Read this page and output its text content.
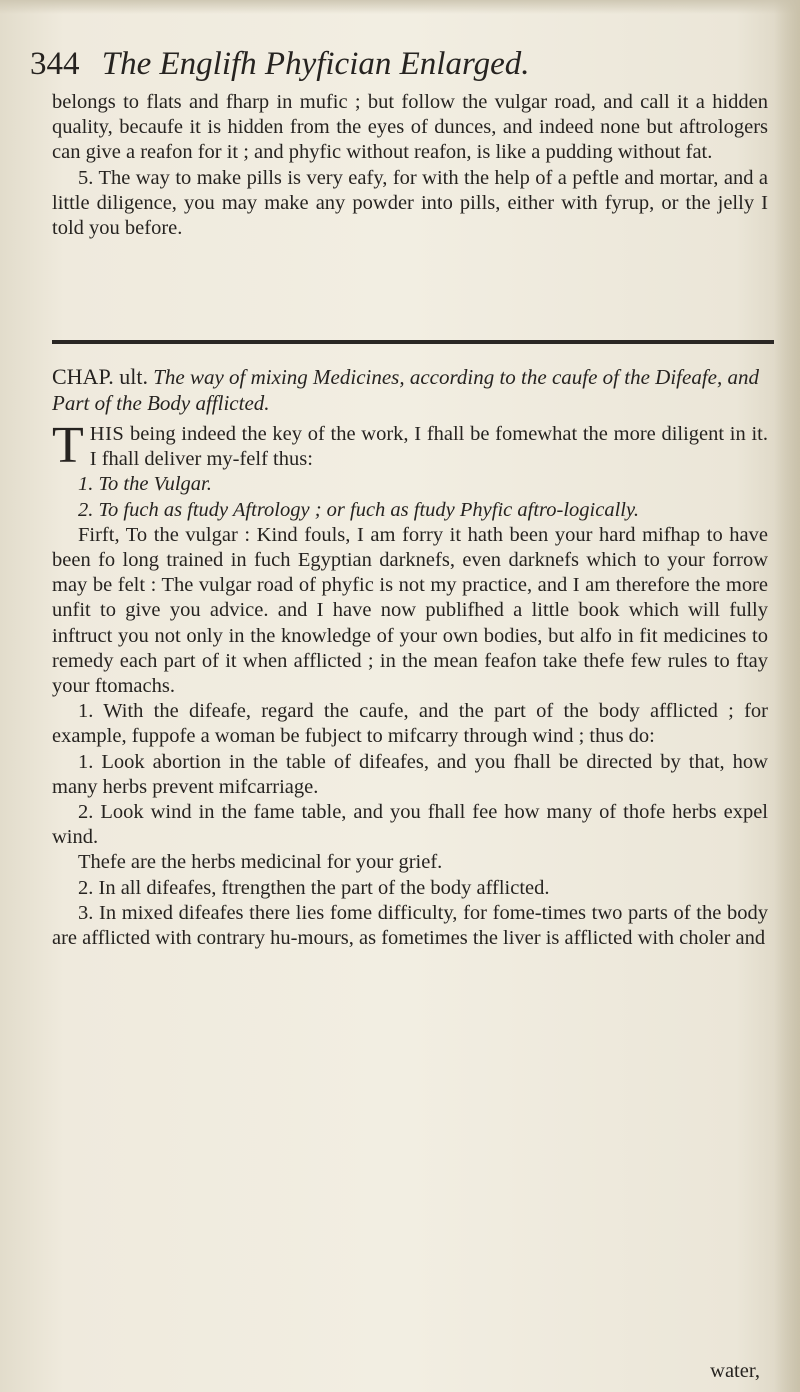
344 The Englifh Phyfician Enlarged.

belongs to flats and fharp in mufic ; but follow the vulgar road, and call it a hidden quality, becaufe it is hidden from the eyes of dunces, and indeed none but aftrologers can give a reafon for it ; and phyfic without reafon, is like a pudding without fat.

5. The way to make pills is very eafy, for with the help of a peftle and mortar, and a little diligence, you may make any powder into pills, either with fyrup, or the jelly I told you before.

CHAP. ult. The way of mixing Medicines, according to the caufe of the Difeafe, and Part of the Body afflicted.

THIS being indeed the key of the work, I fhall be fomewhat the more diligent in it. I fhall deliver my-felf thus:

1. To the Vulgar.

2. To fuch as ftudy Aftrology ; or fuch as ftudy Phyfic aftro-logically.

Firft, To the vulgar : Kind fouls, I am forry it hath been your hard mifhap to have been fo long trained in fuch Egyptian darknefs, even darknefs which to your forrow may be felt : The vulgar road of phyfic is not my practice, and I am therefore the more unfit to give you advice. and I have now publifhed a little book which will fully inftruct you not only in the knowledge of your own bodies, but alfo in fit medicines to remedy each part of it when afflicted ; in the mean feafon take thefe few rules to ftay your ftomachs.

1. With the difeafe, regard the caufe, and the part of the body afflicted ; for example, fuppofe a woman be fubject to mifcarry through wind ; thus do:

1. Look abortion in the table of difeafes, and you fhall be directed by that, how many herbs prevent mifcarriage.

2. Look wind in the fame table, and you fhall fee how many of thofe herbs expel wind.

Thefe are the herbs medicinal for your grief.

2. In all difeafes, ftrengthen the part of the body afflicted.

3. In mixed difeafes there lies fome difficulty, for fome-times two parts of the body are afflicted with contrary hu-mours, as fometimes the liver is afflicted with choler and

water,
